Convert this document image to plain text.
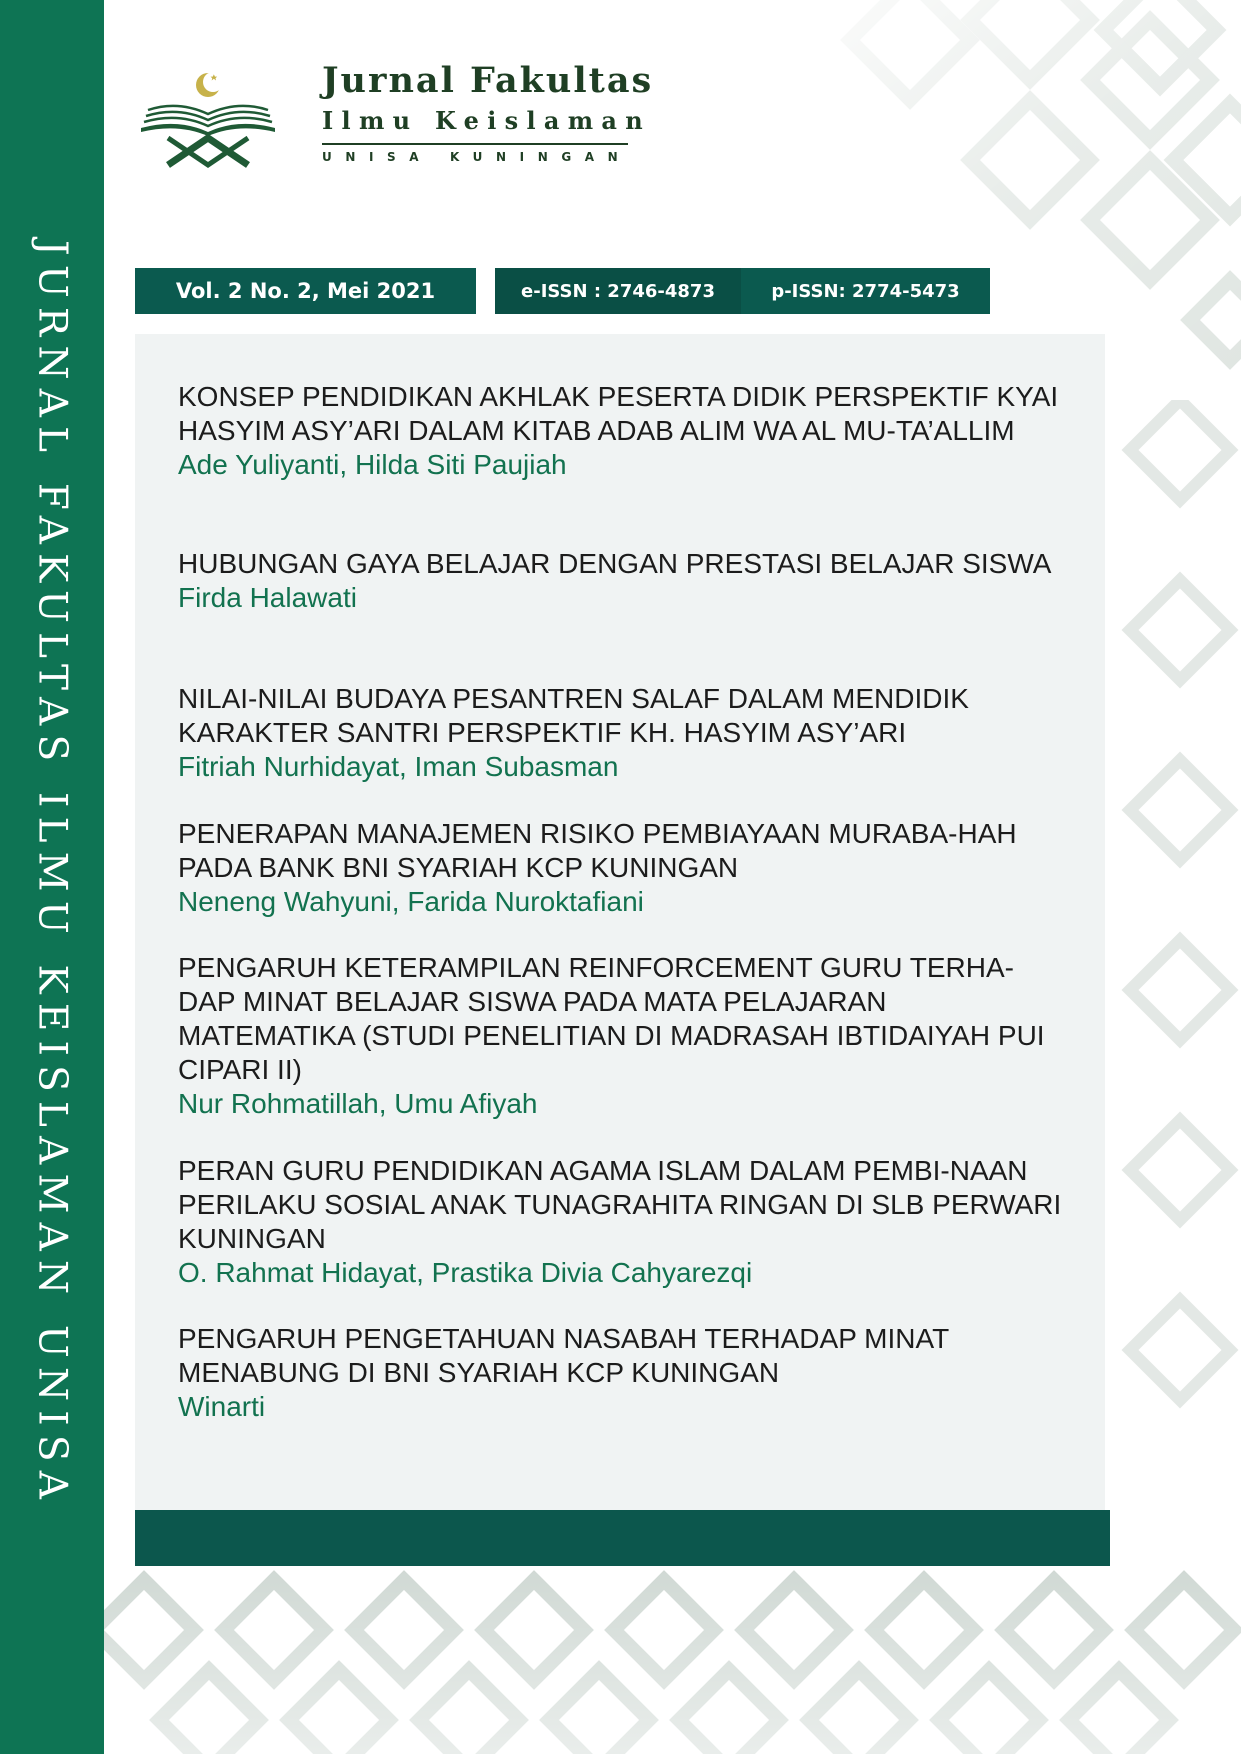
JURNAL FAKULTAS ILMU KEISLAMAN UNISA
Jurnal Fakultas
Ilmu Keislaman
UNISA KUNINGAN
Vol. 2 No. 2, Mei 2021	e-ISSN : 2746-4873	p-ISSN: 2774-5473

KONSEP PENDIDIKAN AKHLAK PESERTA DIDIK PERSPEKTIF KYAI HASYIM ASY’ARI DALAM KITAB ADAB ALIM WA AL MU-TA’ALLIM

Ade Yuliyanti, Hilda Siti Paujiah

HUBUNGAN GAYA BELAJAR DENGAN PRESTASI BELAJAR SISWA

Firda Halawati

NILAI-NILAI BUDAYA PESANTREN SALAF DALAM MENDIDIK KARAKTER SANTRI PERSPEKTIF KH. HASYIM ASY’ARI

Fitriah Nurhidayat, Iman Subasman

PENERAPAN MANAJEMEN RISIKO PEMBIAYAAN MURABA-HAH PADA BANK BNI SYARIAH KCP KUNINGAN

Neneng Wahyuni, Farida Nuroktafiani

PENGARUH KETERAMPILAN REINFORCEMENT GURU TERHA-DAP MINAT BELAJAR SISWA PADA MATA PELAJARAN MATEMATIKA (STUDI PENELITIAN DI MADRASAH IBTIDAIYAH PUI CIPARI II)

Nur Rohmatillah, Umu Afiyah

PERAN GURU PENDIDIKAN AGAMA ISLAM DALAM PEMBI-NAAN PERILAKU SOSIAL ANAK TUNAGRAHITA RINGAN DI SLB PERWARI KUNINGAN

O. Rahmat Hidayat, Prastika Divia Cahyarezqi

PENGARUH PENGETAHUAN NASABAH TERHADAP MINAT MENABUNG DI BNI SYARIAH KCP KUNINGAN

Winarti
